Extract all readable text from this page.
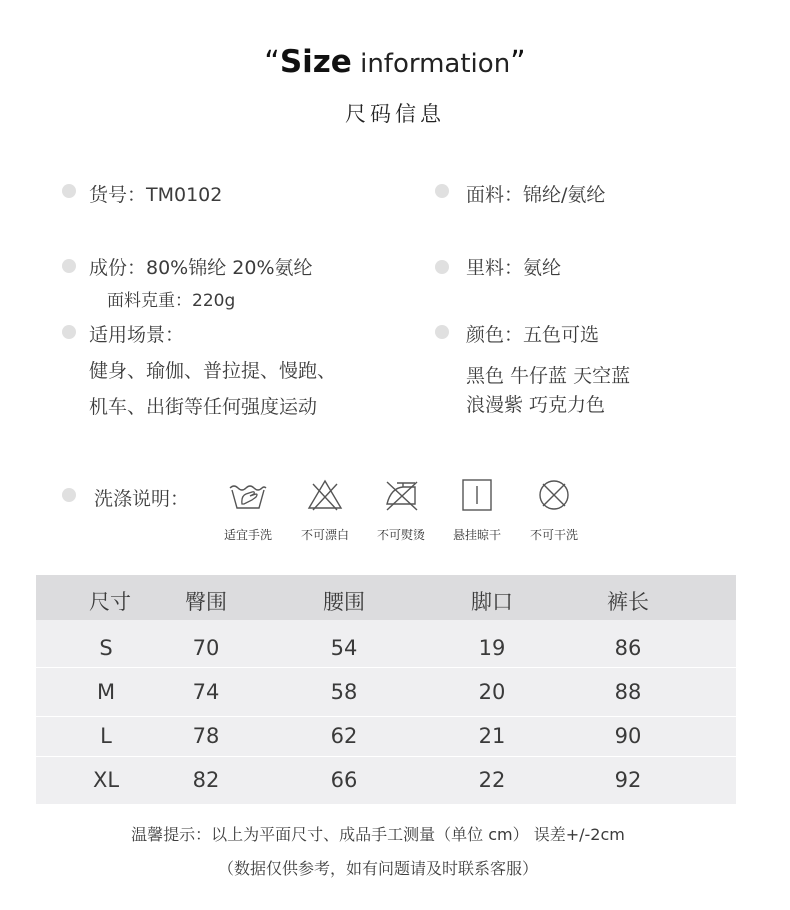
“Size information”
尺码信息
货号：TM0102
成份：80%锦纶 20%氨纶
面料克重：220g
适用场景：
健身、瑜伽、普拉提、慢跑、
机车、出街等任何强度运动
面料：锦纶/氨纶
里料：氨纶
颜色：五色可选
黑色 牛仔蓝 天空蓝
浪漫紫 巧克力色
洗涤说明：
适宜手洗	不可漂白	不可熨烫	悬挂晾干	不可干洗
尺寸	臀围	腰围	脚口	裤长
S	70	54	19	86
M	74	58	20	88
L	78	62	21	90
XL	82	66	22	92
温馨提示：以上为平面尺寸、成品手工测量（单位 cm） 误差+/-2cm
（数据仅供参考，如有问题请及时联系客服）
